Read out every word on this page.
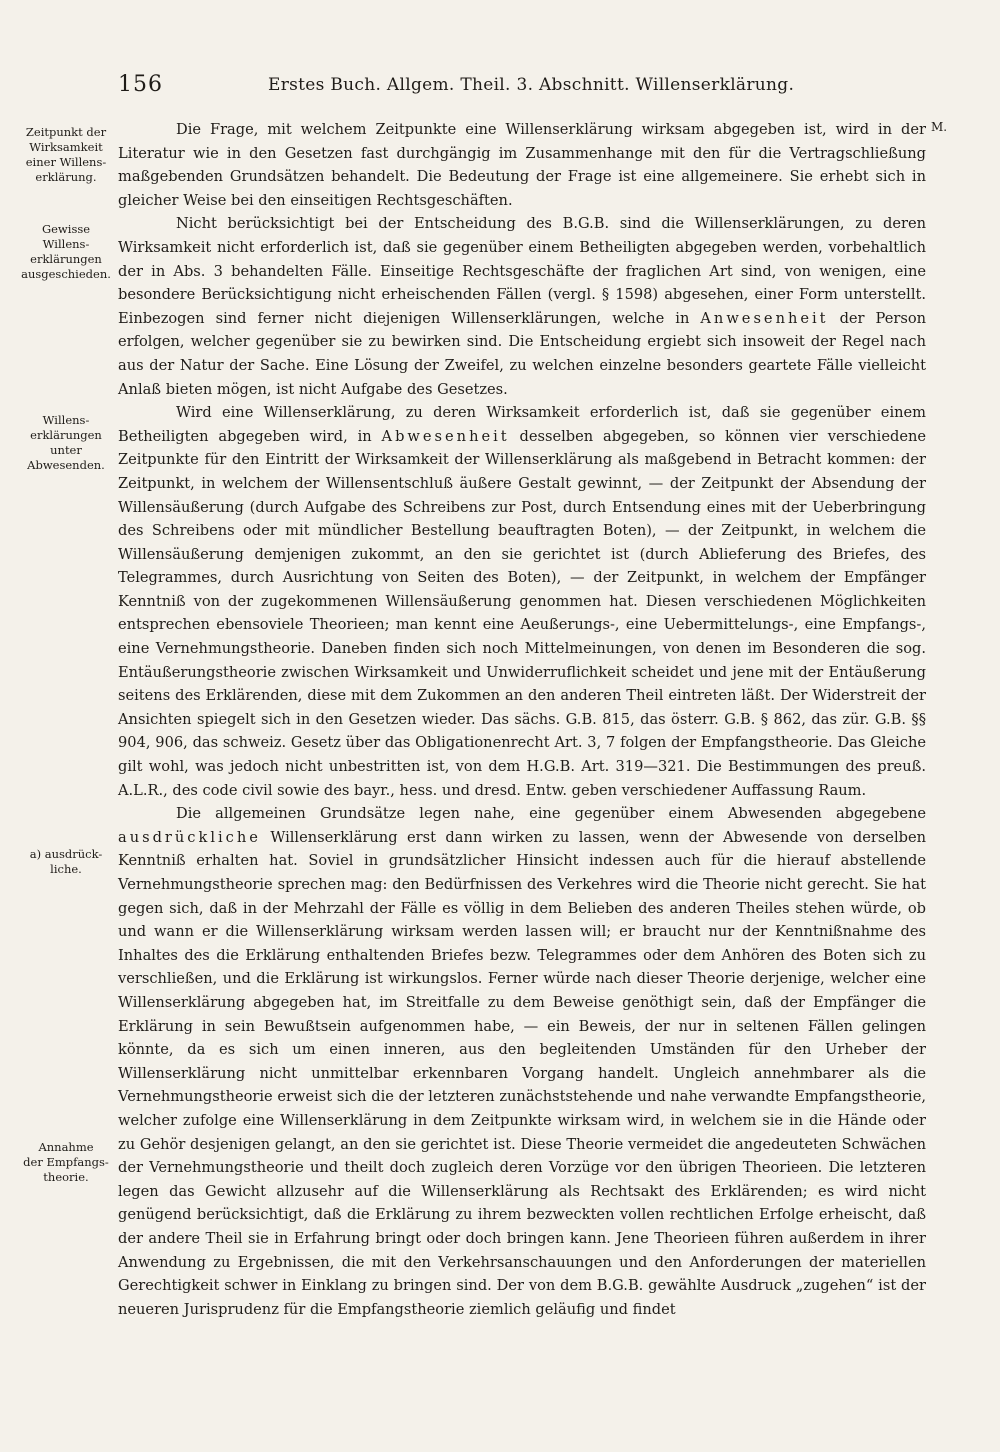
156	Erstes Buch. Allgem. Theil. 3. Abschnitt. Willenserklärung.
M.
Zeitpunkt der
Wirksamkeit
einer Willens-
erklärung.
Gewisse
Willens-
erklärungen
ausgeschieden.
Willens-
erklärungen
unter
Abwesenden.
a) ausdrück-
liche.
Annahme
der Empfangs-
theorie.

Die Frage, mit welchem Zeitpunkte eine Willenserklärung wirksam abgegeben ist, wird in der Literatur wie in den Gesetzen fast durchgängig im Zusammenhange mit den für die Vertragschließung maßgebenden Grundsätzen behandelt. Die Bedeutung der Frage ist eine allgemeinere. Sie erhebt sich in gleicher Weise bei den einseitigen Rechtsgeschäften.

Nicht berücksichtigt bei der Entscheidung des B.G.B. sind die Willenserklärungen, zu deren Wirksamkeit nicht erforderlich ist, daß sie gegenüber einem Betheiligten abgegeben werden, vorbehaltlich der in Abs. 3 behandelten Fälle. Einseitige Rechtsgeschäfte der fraglichen Art sind, von wenigen, eine besondere Berücksichtigung nicht erheischenden Fällen (vergl. § 1598) abgesehen, einer Form unterstellt. Einbezogen sind ferner nicht diejenigen Willenserklärungen, welche in Anwesenheit der Person erfolgen, welcher gegenüber sie zu bewirken sind. Die Entscheidung ergiebt sich insoweit der Regel nach aus der Natur der Sache. Eine Lösung der Zweifel, zu welchen einzelne besonders geartete Fälle vielleicht Anlaß bieten mögen, ist nicht Aufgabe des Gesetzes.

Wird eine Willenserklärung, zu deren Wirksamkeit erforderlich ist, daß sie gegenüber einem Betheiligten abgegeben wird, in Abwesenheit desselben abgegeben, so können vier verschiedene Zeitpunkte für den Eintritt der Wirksamkeit der Willenserklärung als maßgebend in Betracht kommen: der Zeitpunkt, in welchem der Willensentschluß äußere Gestalt gewinnt, — der Zeitpunkt der Absendung der Willensäußerung (durch Aufgabe des Schreibens zur Post, durch Entsendung eines mit der Ueberbringung des Schreibens oder mit mündlicher Bestellung beauftragten Boten), — der Zeitpunkt, in welchem die Willensäußerung demjenigen zukommt, an den sie gerichtet ist (durch Ablieferung des Briefes, des Telegrammes, durch Ausrichtung von Seiten des Boten), — der Zeitpunkt, in welchem der Empfänger Kenntniß von der zugekommenen Willensäußerung genommen hat. Diesen verschiedenen Möglichkeiten entsprechen ebensoviele Theorieen; man kennt eine Aeußerungs-, eine Uebermittelungs-, eine Empfangs-, eine Vernehmungstheorie. Daneben finden sich noch Mittelmeinungen, von denen im Besonderen die sog. Entäußerungstheorie zwischen Wirksamkeit und Unwiderruflichkeit scheidet und jene mit der Entäußerung seitens des Erklärenden, diese mit dem Zukommen an den anderen Theil eintreten läßt. Der Widerstreit der Ansichten spiegelt sich in den Gesetzen wieder. Das sächs. G.B. 815, das österr. G.B. § 862, das zür. G.B. §§ 904, 906, das schweiz. Gesetz über das Obligationenrecht Art. 3, 7 folgen der Empfangstheorie. Das Gleiche gilt wohl, was jedoch nicht unbestritten ist, von dem H.G.B. Art. 319—321. Die Bestimmungen des preuß. A.L.R., des code civil sowie des bayr., hess. und dresd. Entw. geben verschiedener Auffassung Raum.

Die allgemeinen Grundsätze legen nahe, eine gegenüber einem Abwesenden abgegebene ausdrückliche Willenserklärung erst dann wirken zu lassen, wenn der Abwesende von derselben Kenntniß erhalten hat. Soviel in grundsätzlicher Hinsicht indessen auch für die hierauf abstellende Vernehmungstheorie sprechen mag: den Bedürfnissen des Verkehres wird die Theorie nicht gerecht. Sie hat gegen sich, daß in der Mehrzahl der Fälle es völlig in dem Belieben des anderen Theiles stehen würde, ob und wann er die Willenserklärung wirksam werden lassen will; er braucht nur der Kenntnißnahme des Inhaltes des die Erklärung enthaltenden Briefes bezw. Telegrammes oder dem Anhören des Boten sich zu verschließen, und die Erklärung ist wirkungslos. Ferner würde nach dieser Theorie derjenige, welcher eine Willenserklärung abgegeben hat, im Streitfalle zu dem Beweise genöthigt sein, daß der Empfänger die Erklärung in sein Bewußtsein aufgenommen habe, — ein Beweis, der nur in seltenen Fällen gelingen könnte, da es sich um einen inneren, aus den begleitenden Umständen für den Urheber der Willenserklärung nicht unmittelbar erkennbaren Vorgang handelt. Ungleich annehmbarer als die Vernehmungstheorie erweist sich die der letzteren zunächststehende und nahe verwandte Empfangstheorie, welcher zufolge eine Willenserklärung in dem Zeitpunkte wirksam wird, in welchem sie in die Hände oder zu Gehör desjenigen gelangt, an den sie gerichtet ist. Diese Theorie vermeidet die angedeuteten Schwächen der Vernehmungstheorie und theilt doch zugleich deren Vorzüge vor den übrigen Theorieen. Die letzteren legen das Gewicht allzusehr auf die Willenserklärung als Rechtsakt des Erklärenden; es wird nicht genügend berücksichtigt, daß die Erklärung zu ihrem bezweckten vollen rechtlichen Erfolge erheischt, daß der andere Theil sie in Erfahrung bringt oder doch bringen kann. Jene Theorieen führen außerdem in ihrer Anwendung zu Ergebnissen, die mit den Verkehrsanschauungen und den Anforderungen der materiellen Gerechtigkeit schwer in Einklang zu bringen sind. Der von dem B.G.B. gewählte Ausdruck „zugehen“ ist der neueren Jurisprudenz für die Empfangstheorie ziemlich geläufig und findet
